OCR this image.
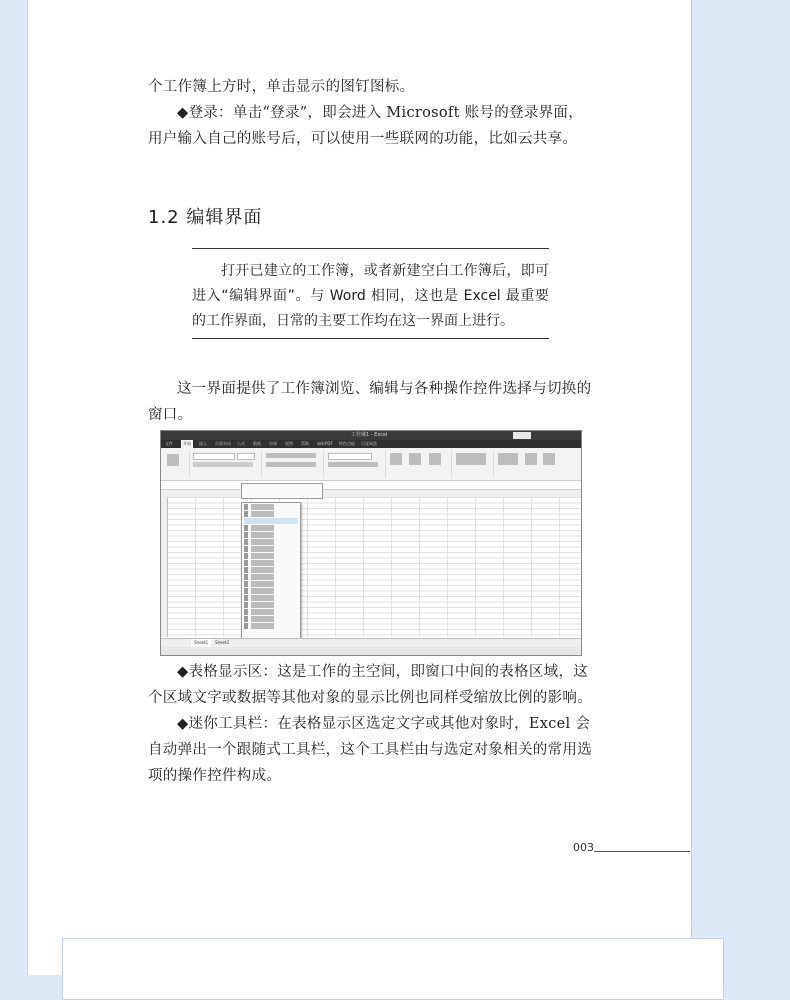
个工作簿上方时，单击显示的图钉图标。

◆登录：单击“登录”，即会进入 Microsoft 账号的登录界面，用户输入自己的账号后，可以使用一些联网的功能，比如云共享。

1.2 编辑界面

打开已建立的工作簿，或者新建空白工作簿后，即可进入“编辑界面”。与 Word 相同，这也是 Excel 最重要的工作界面，日常的主要工作均在这一界面上进行。

这一界面提供了工作簿浏览、编辑与各种操作控件选择与切换的窗口。

工作簿1 - Excel
文件	开始	插入 页面布局 公式 数据 审阅 视图 帮助 福昕PDF 特色功能 百度网盘
Sheet1	Sheet2

◆表格显示区：这是工作的主空间，即窗口中间的表格区域，这个区域文字或数据等其他对象的显示比例也同样受缩放比例的影响。

◆迷你工具栏：在表格显示区选定文字或其他对象时，Excel 会自动弹出一个跟随式工具栏，这个工具栏由与选定对象相关的常用选项的操作控件构成。

003
